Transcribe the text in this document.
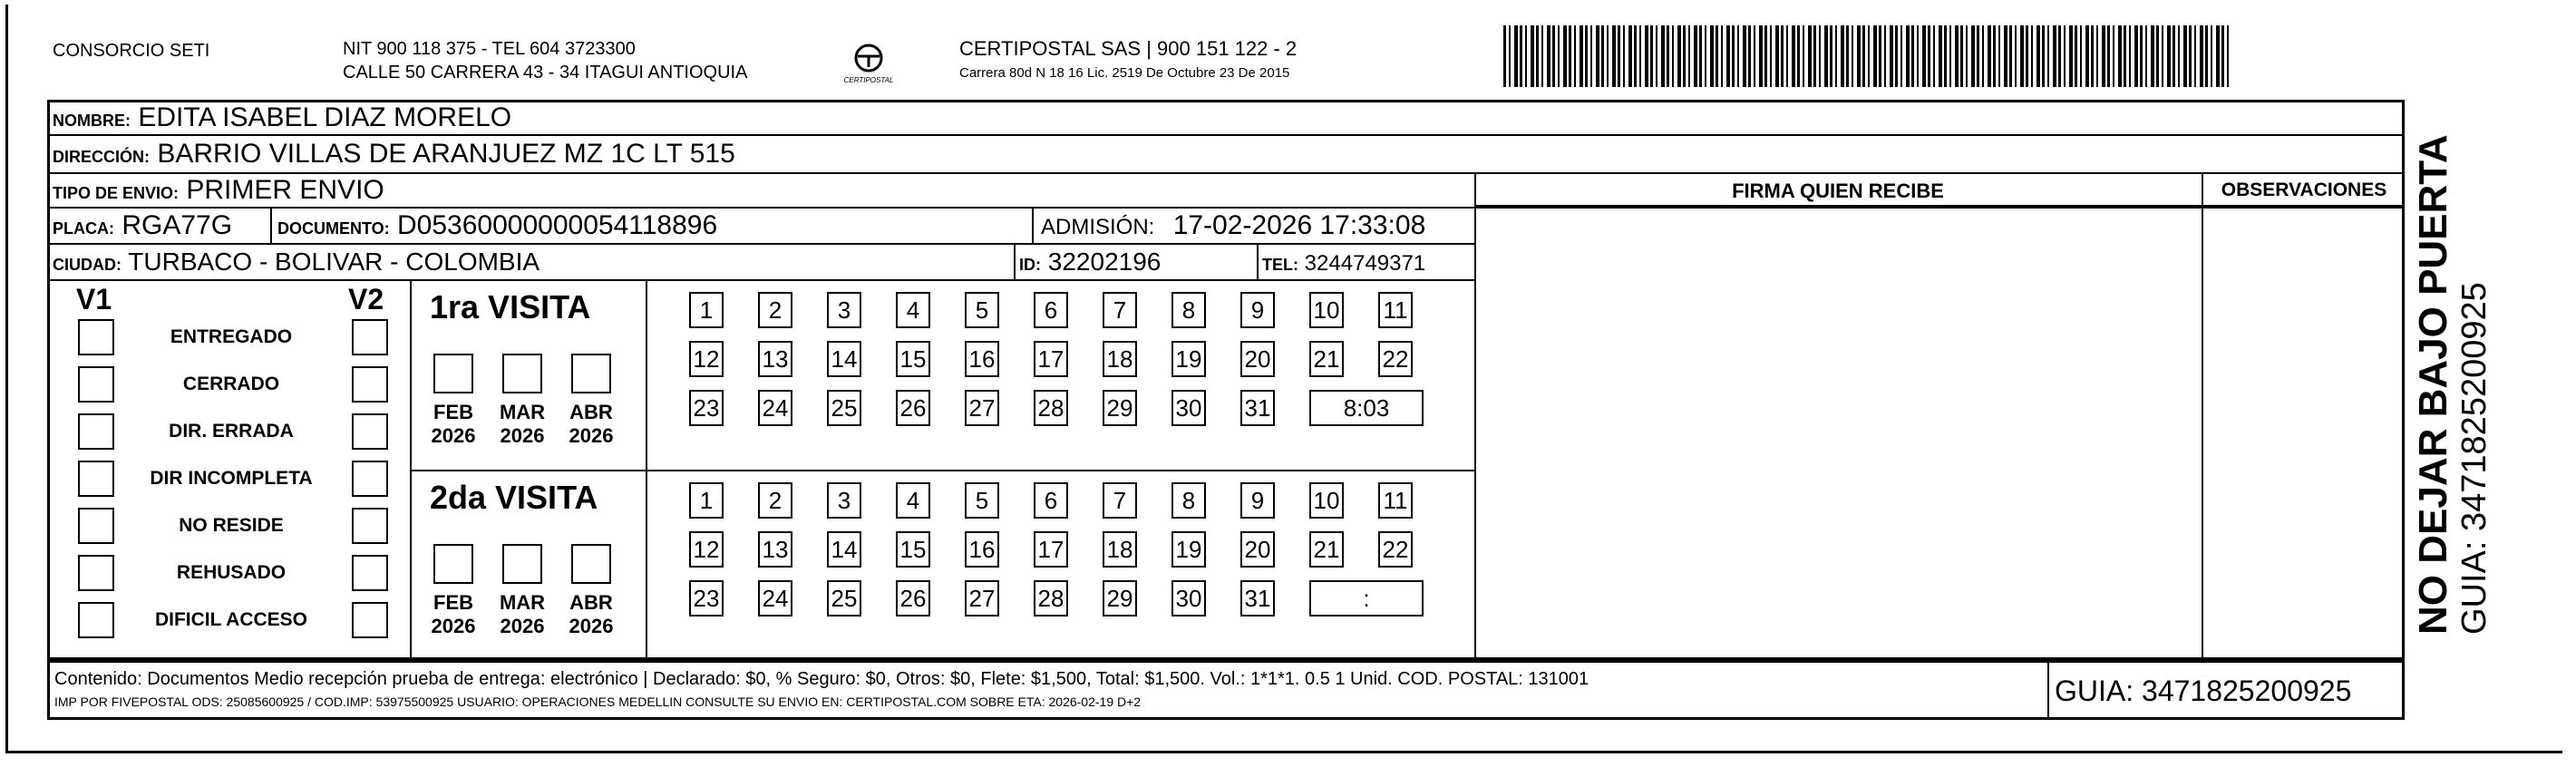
CONSORCIO SETI	NIT 900 118 375 - TEL 604 3723300
CALLE 50 CARRERA 43 - 34 ITAGUI ANTIOQUIA	CERTIPOSTAL
CERTIPOSTAL SAS | 900 151 122 - 2
Carrera 80d N 18 16 Lic. 2519 De Octubre 23 De 2015
NOMBRE: EDITA ISABEL DIAZ MORELO
DIRECCIÓN: BARRIO VILLAS DE ARANJUEZ MZ 1C LT 515
TIPO DE ENVIO: PRIMER ENVIO
PLACA: RGA77G	DOCUMENTO: D05360000000054118896	ADMISIÓN: 17-02-2026 17:33:08
CIUDAD: TURBACO - BOLIVAR - COLOMBIA	ID: 32202196	TEL: 3244749371
FIRMA QUIEN RECIBE	OBSERVACIONES
V1	V2
ENTREGADO
CERRADO
DIR. ERRADA
DIR INCOMPLETA
NO RESIDE
REHUSADO
DIFICIL ACCESO
1ra VISITA
2da VISITA
FEB
2026
MAR
2026
ABR
2026
1	2	3	4	5	6	7	8	9	10 11
12 13 14 15 16 17 18 19 20 21 22
23 24 25 26 27 28 29 30 31	8:03
FEB
2026
MAR
2026
ABR
2026
1	2	3	4	5	6	7	8	9	10 11
12 13 14 15 16 17 18 19 20 21 22
23 24 25 26 27 28 29 30 31	:
Contenido: Documentos Medio recepción prueba de entrega: electrónico | Declarado: $0, % Seguro: $0, Otros: $0, Flete: $1,500, Total: $1,500. Vol.: 1*1*1. 0.5 1 Unid. COD. POSTAL: 131001
IMP POR FIVEPOSTAL ODS: 25085600925 / COD.IMP: 53975500925 USUARIO: OPERACIONES MEDELLIN CONSULTE SU ENVIO EN: CERTIPOSTAL.COM SOBRE ETA: 2026-02-19 D+2	GUIA: 3471825200925
NO DEJAR BAJO PUERTA GUIA: 3471825200925
